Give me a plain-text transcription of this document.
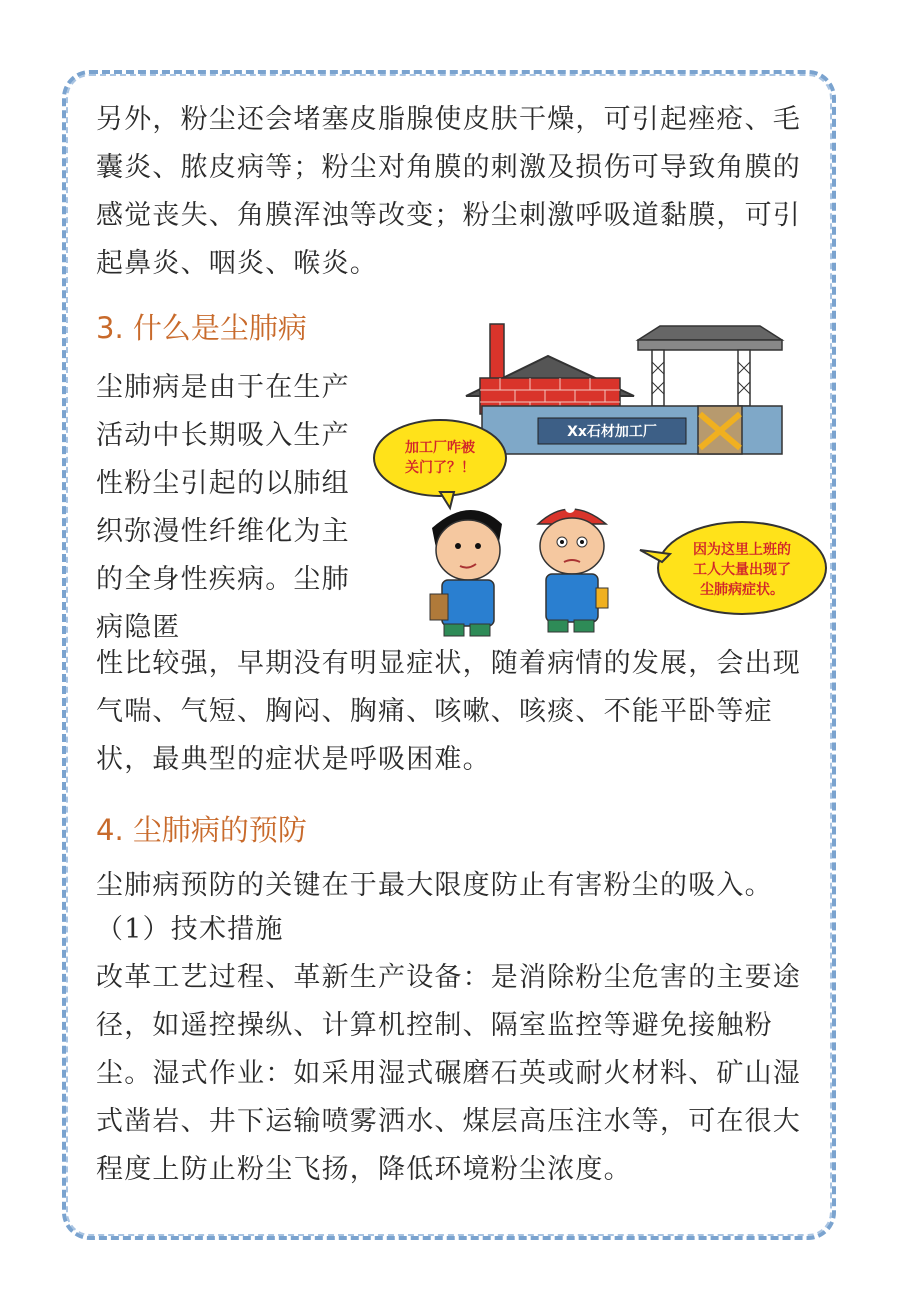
另外，粉尘还会堵塞皮脂腺使皮肤干燥，可引起痤疮、毛囊炎、脓皮病等；粉尘对角膜的刺激及损伤可导致角膜的感觉丧失、角膜浑浊等改变；粉尘刺激呼吸道黏膜，可引起鼻炎、咽炎、喉炎。

3. 什么是尘肺病

尘肺病是由于在生产活动中长期吸入生产性粉尘引起的以肺组织弥漫性纤维化为主的全身性疾病。尘肺病隐匿

Xx石材加工厂
加工厂咋被
关门了？！
因为这里上班的
工人大量出现了
尘肺病症状。

性比较强，早期没有明显症状，随着病情的发展，会出现气喘、气短、胸闷、胸痛、咳嗽、咳痰、不能平卧等症状，最典型的症状是呼吸困难。

4. 尘肺病的预防

尘肺病预防的关键在于最大限度防止有害粉尘的吸入。

（1）技术措施

改革工艺过程、革新生产设备：是消除粉尘危害的主要途径，如遥控操纵、计算机控制、隔室监控等避免接触粉尘。湿式作业：如采用湿式碾磨石英或耐火材料、矿山湿式凿岩、井下运输喷雾洒水、煤层高压注水等，可在很大程度上防止粉尘飞扬，降低环境粉尘浓度。
